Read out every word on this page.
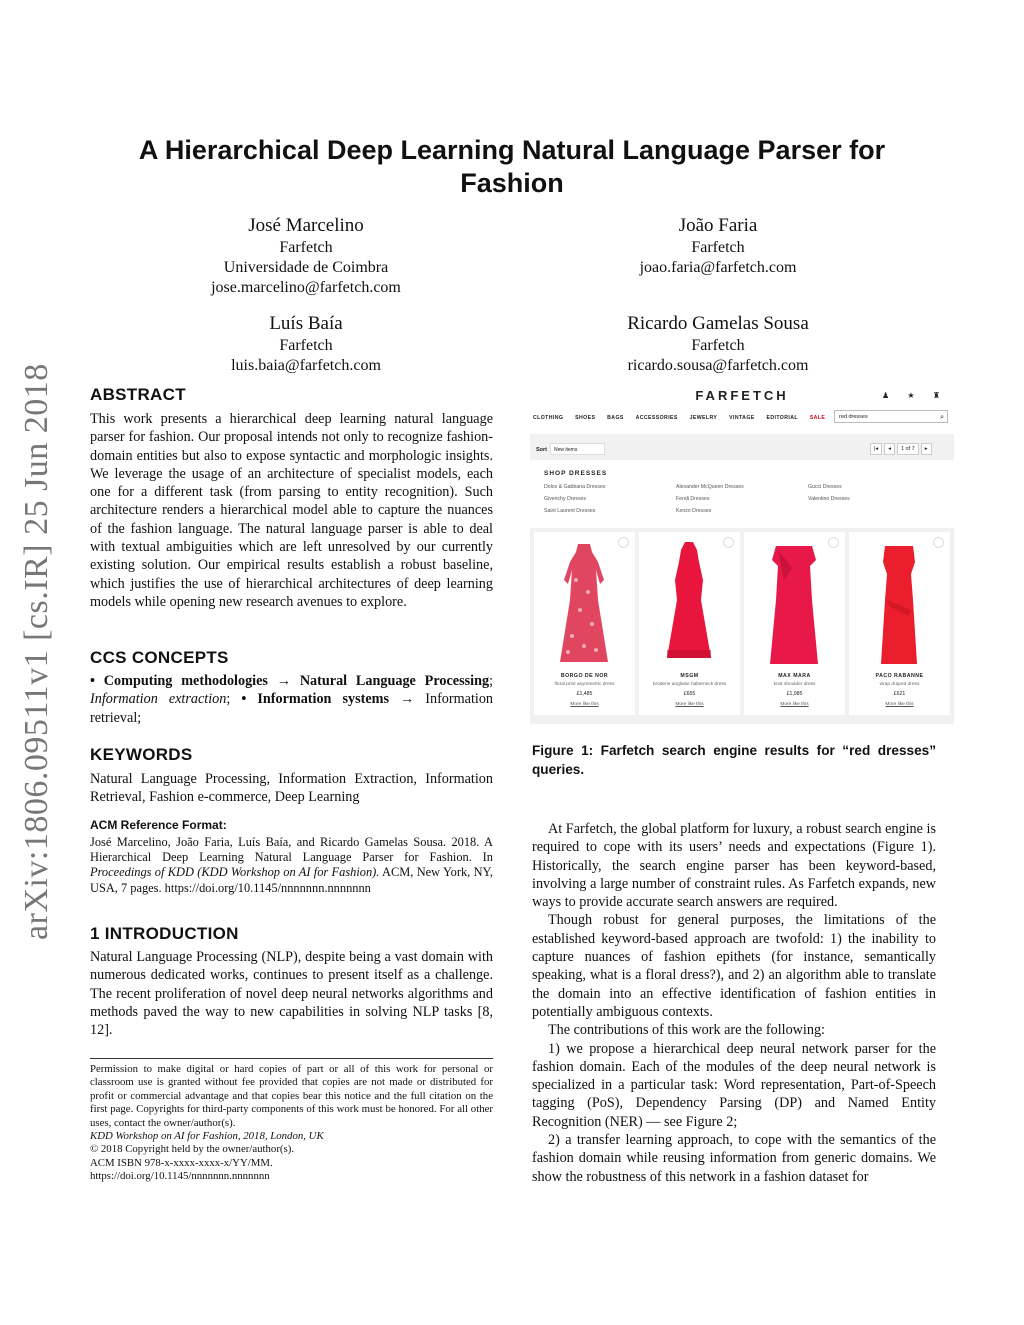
arXiv:1806.09511v1 [cs.IR] 25 Jun 2018
A Hierarchical Deep Learning Natural Language Parser for Fashion
José Marcelino
Farfetch
Universidade de Coimbra
jose.marcelino@farfetch.com
João Faria
Farfetch
joao.faria@farfetch.com
Luís Baía
Farfetch
luis.baia@farfetch.com
Ricardo Gamelas Sousa
Farfetch
ricardo.sousa@farfetch.com
ABSTRACT

This work presents a hierarchical deep learning natural language parser for fashion. Our proposal intends not only to recognize fashion-domain entities but also to expose syntactic and morphologic insights. We leverage the usage of an architecture of specialist models, each one for a different task (from parsing to entity recognition). Such architecture renders a hierarchical model able to capture the nuances of the fashion language. The natural language parser is able to deal with textual ambiguities which are left unresolved by our currently existing solution. Our empirical results establish a robust baseline, which justifies the use of hierarchical architectures of deep learning models while opening new research avenues to explore.

CCS CONCEPTS

• Computing methodologies → Natural Language Processing; Information extraction; • Information systems → Information retrieval;

KEYWORDS
Natural Language Processing, Information Extraction, Information Retrieval, Fashion e-commerce, Deep Learning
ACM Reference Format:

José Marcelino, João Faria, Luís Baía, and Ricardo Gamelas Sousa. 2018. A Hierarchical Deep Learning Natural Language Parser for Fashion. In Proceedings of KDD (KDD Workshop on AI for Fashion). ACM, New York, NY, USA, 7 pages. https://doi.org/10.1145/nnnnnnn.nnnnnnn

1 INTRODUCTION

Natural Language Processing (NLP), despite being a vast domain with numerous dedicated works, continues to present itself as a challenge. The recent proliferation of novel deep neural networks algorithms and methods paved the way to new capabilities in solving NLP tasks [8, 12].

Permission to make digital or hard copies of part or all of this work for personal or classroom use is granted without fee provided that copies are not made or distributed for profit or commercial advantage and that copies bear this notice and the full citation on the first page. Copyrights for third-party components of this work must be honored. For all other uses, contact the owner/author(s).

KDD Workshop on AI for Fashion, 2018, London, UK

© 2018 Copyright held by the owner/author(s).

ACM ISBN 978-x-xxxx-xxxx-x/YY/MM.

https://doi.org/10.1145/nnnnnnn.nnnnnnn

FARFETCH	♟ ★ ♜
CLOTHING SHOES BAGS ACCESSORIES JEWELRY VINTAGE EDITORIAL SALE	red dresses	⌕
Sort	New items	|◂ ◂ 1 of 7 ▸
SHOP DRESSES
Dolce & Gabbana Dresses	Alexander McQueen Dresses	Gucci Dresses
Givenchy Dresses	Fendi Dresses	Valentino Dresses
Saint Laurent Dresses	Kenzo Dresses
BORGO DE NOR
floral print asymmetric dress
£1,485
More like this
MSGM
broderie anglaise halterneck dress
£655
More like this
MAX MARA
knot shoulder dress
£1,085
More like this
PACO RABANNE
wrap draped dress
£621
More like this
Figure 1: Farfetch search engine results for “red dresses” queries.

At Farfetch, the global platform for luxury, a robust search engine is required to cope with its users’ needs and expectations (Figure 1). Historically, the search engine parser has been keyword-based, involving a large number of constraint rules. As Farfetch expands, new ways to provide accurate search answers are required.

Though robust for general purposes, the limitations of the established keyword-based approach are twofold: 1) the inability to capture nuances of fashion epithets (for instance, semantically speaking, what is a floral dress?), and 2) an algorithm able to translate the domain into an effective identification of fashion entities in potentially ambiguous contexts.

The contributions of this work are the following:

1) we propose a hierarchical deep neural network parser for the fashion domain. Each of the modules of the deep neural network is specialized in a particular task: Word representation, Part-of-Speech tagging (PoS), Dependency Parsing (DP) and Named Entity Recognition (NER) — see Figure 2;

2) a transfer learning approach, to cope with the semantics of the fashion domain while reusing information from generic domains. We show the robustness of this network in a fashion dataset for
